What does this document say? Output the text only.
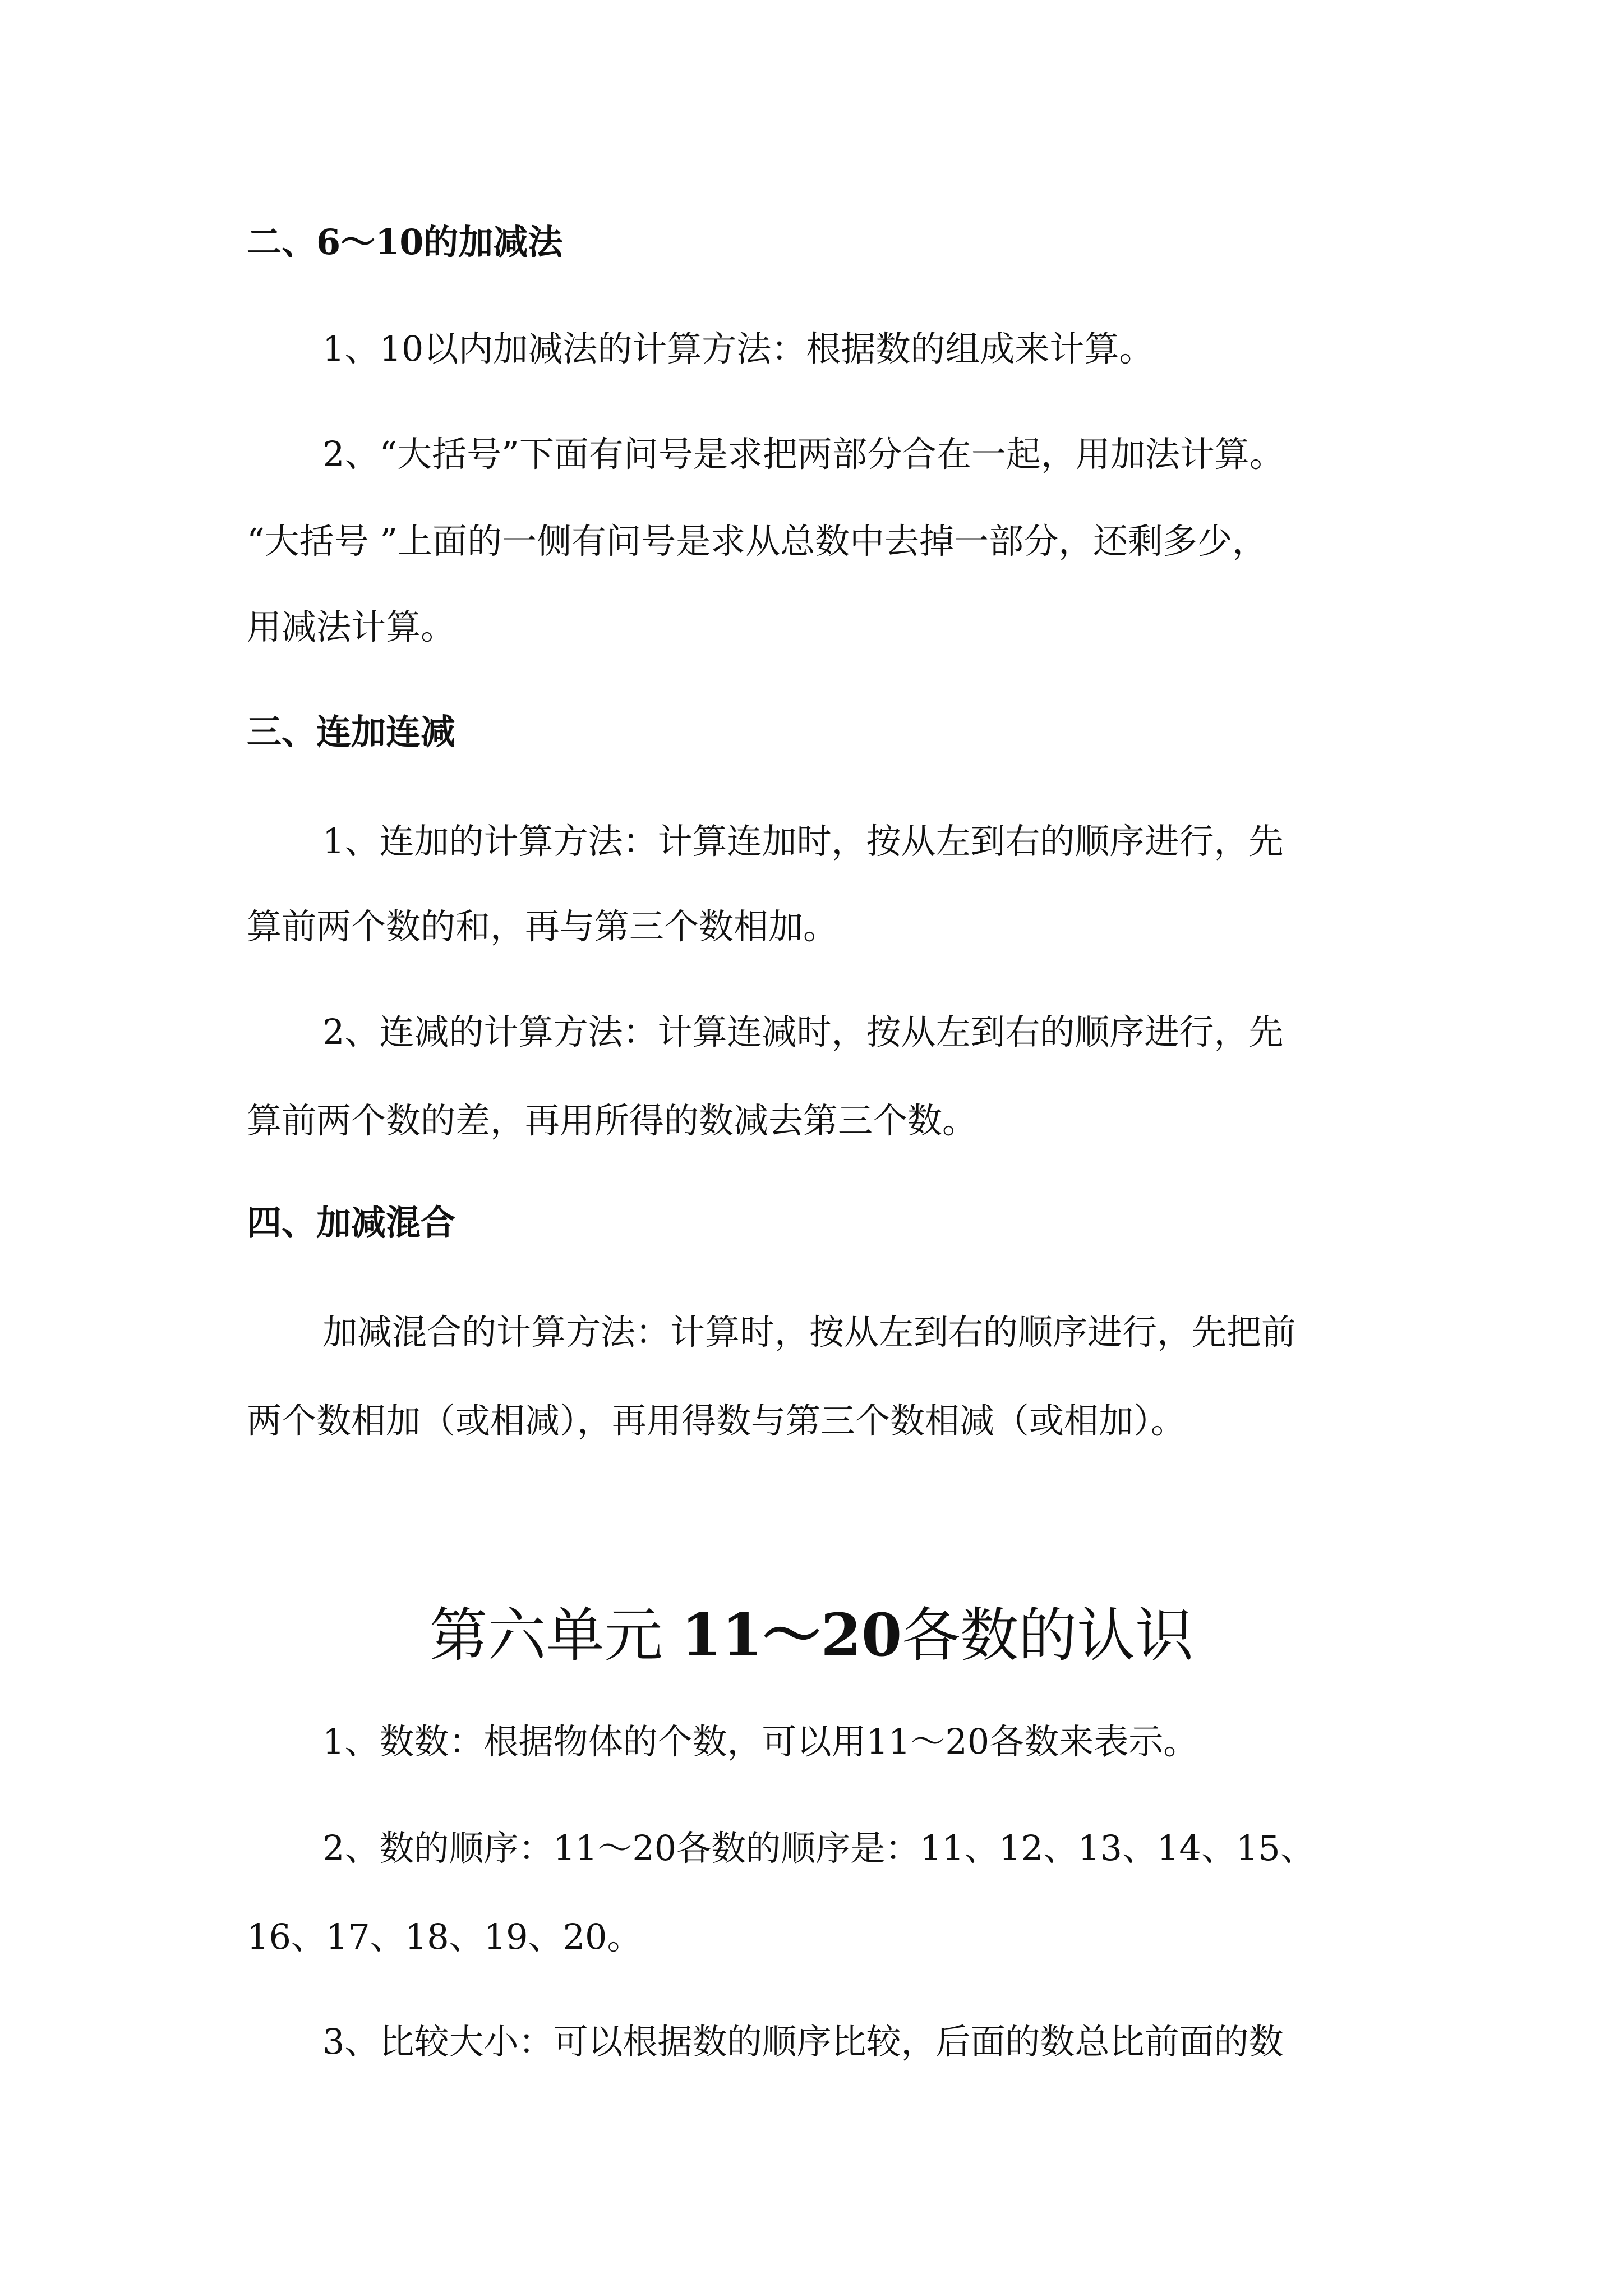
二、6～10的加减法
1、10以内加减法的计算方法：根据数的组成来计算。
2、“大括号”下面有问号是求把两部分合在一起，用加法计算。
“大括号 ”上面的一侧有问号是求从总数中去掉一部分，还剩多少，
用减法计算。
三、连加连减
1、连加的计算方法：计算连加时，按从左到右的顺序进行，先
算前两个数的和，再与第三个数相加。
2、连减的计算方法：计算连减时，按从左到右的顺序进行，先
算前两个数的差，再用所得的数减去第三个数。
四、加减混合
加减混合的计算方法：计算时，按从左到右的顺序进行，先把前
两个数相加（或相减），再用得数与第三个数相减（或相加）。
第六单元 11～20各数的认识
1、数数：根据物体的个数，可以用11～20各数来表示。
2、数的顺序：11～20各数的顺序是：11、12、13、14、15、
16、17、18、19、20。
3、比较大小：可以根据数的顺序比较，后面的数总比前面的数
